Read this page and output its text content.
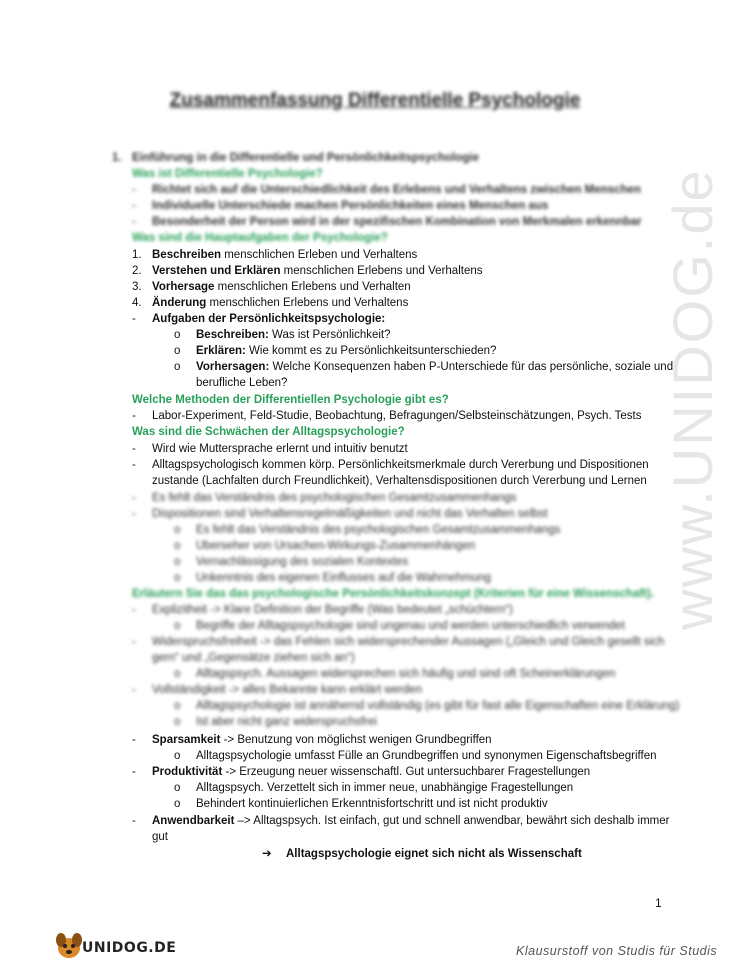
www.UNIDOG.de
Zusammenfassung Differentielle Psychologie
1. Einführung in die Differentielle und Persönlichkeitspsychologie
Was ist Differentielle Psychologie?
- Richtet sich auf die Unterschiedlichkeit des Erlebens und Verhaltens zwischen Menschen
- Individuelle Unterschiede machen Persönlichkeiten eines Menschen aus
- Besonderheit der Person wird in der spezifischen Kombination von Merkmalen erkennbar
Was sind die Hauptaufgaben der Psychologie?
1. Beschreiben menschlichen Erleben und Verhaltens
2. Verstehen und Erklären menschlichen Erlebens und Verhaltens
3. Vorhersage menschlichen Erlebens und Verhalten
4. Änderung menschlichen Erlebens und Verhaltens
- Aufgaben der Persönlichkeitspsychologie:
o Beschreiben: Was ist Persönlichkeit?
o Erklären: Wie kommt es zu Persönlichkeitsunterschieden?
o Vorhersagen: Welche Konsequenzen haben P-Unterschiede für das persönliche, soziale und
berufliche Leben?
Welche Methoden der Differentiellen Psychologie gibt es?
- Labor-Experiment, Feld-Studie, Beobachtung, Befragungen/Selbsteinschätzungen, Psych. Tests
Was sind die Schwächen der Alltagspsychologie?
- Wird wie Muttersprache erlernt und intuitiv benutzt
- Alltagspsychologisch kommen körp. Persönlichkeitsmerkmale durch Vererbung und Dispositionen
zustande (Lachfalten durch Freundlichkeit), Verhaltensdispositionen durch Vererbung und Lernen
- Es fehlt das Verständnis des psychologischen Gesamtzusammenhangs
- Dispositionen sind Verhaltensregelmäßigkeiten und nicht das Verhalten selbst
o Es fehlt das Verständnis des psychologischen Gesamtzusammenhangs
o Überseher von Ursachen-Wirkungs-Zusammenhängen
o Vernachlässigung des sozialen Kontextes
o Unkenntnis des eigenen Einflusses auf die Wahrnehmung
Erläutern Sie das das psychologische Persönlichkeitskonzept (Kriterien für eine Wissenschaft).
- Explizitheit -> Klare Definition der Begriffe (Was bedeutet „schüchtern“)
o Begriffe der Alltagspsychologie sind ungenau und werden unterschiedlich verwendet
- Widerspruchsfreiheit -> das Fehlen sich widersprechender Aussagen („Gleich und Gleich gesellt sich
gern“ und „Gegensätze ziehen sich an“)
o Alltagspsych. Aussagen widersprechen sich häufig und sind oft Scheinerklärungen
- Vollständigkeit -> alles Bekannte kann erklärt werden
o Alltagspsychologie ist annähernd vollständig (es gibt für fast alle Eigenschaften eine Erklärung)
o Ist aber nicht ganz widerspruchsfrei
- Sparsamkeit -> Benutzung von möglichst wenigen Grundbegriffen
o Alltagspsychologie umfasst Fülle an Grundbegriffen und synonymen Eigenschaftsbegriffen
- Produktivität -> Erzeugung neuer wissenschaftl. Gut untersuchbarer Fragestellungen
o Alltagspsych. Verzettelt sich in immer neue, unabhängige Fragestellungen
o Behindert kontinuierlichen Erkenntnisfortschritt und ist nicht produktiv
- Anwendbarkeit –> Alltagspsych. Ist einfach, gut und schnell anwendbar, bewährt sich deshalb immer
gut
➔ Alltagspsychologie eignet sich nicht als Wissenschaft
1
UNIDOG.DE	Klausurstoff von Studis für Studis
